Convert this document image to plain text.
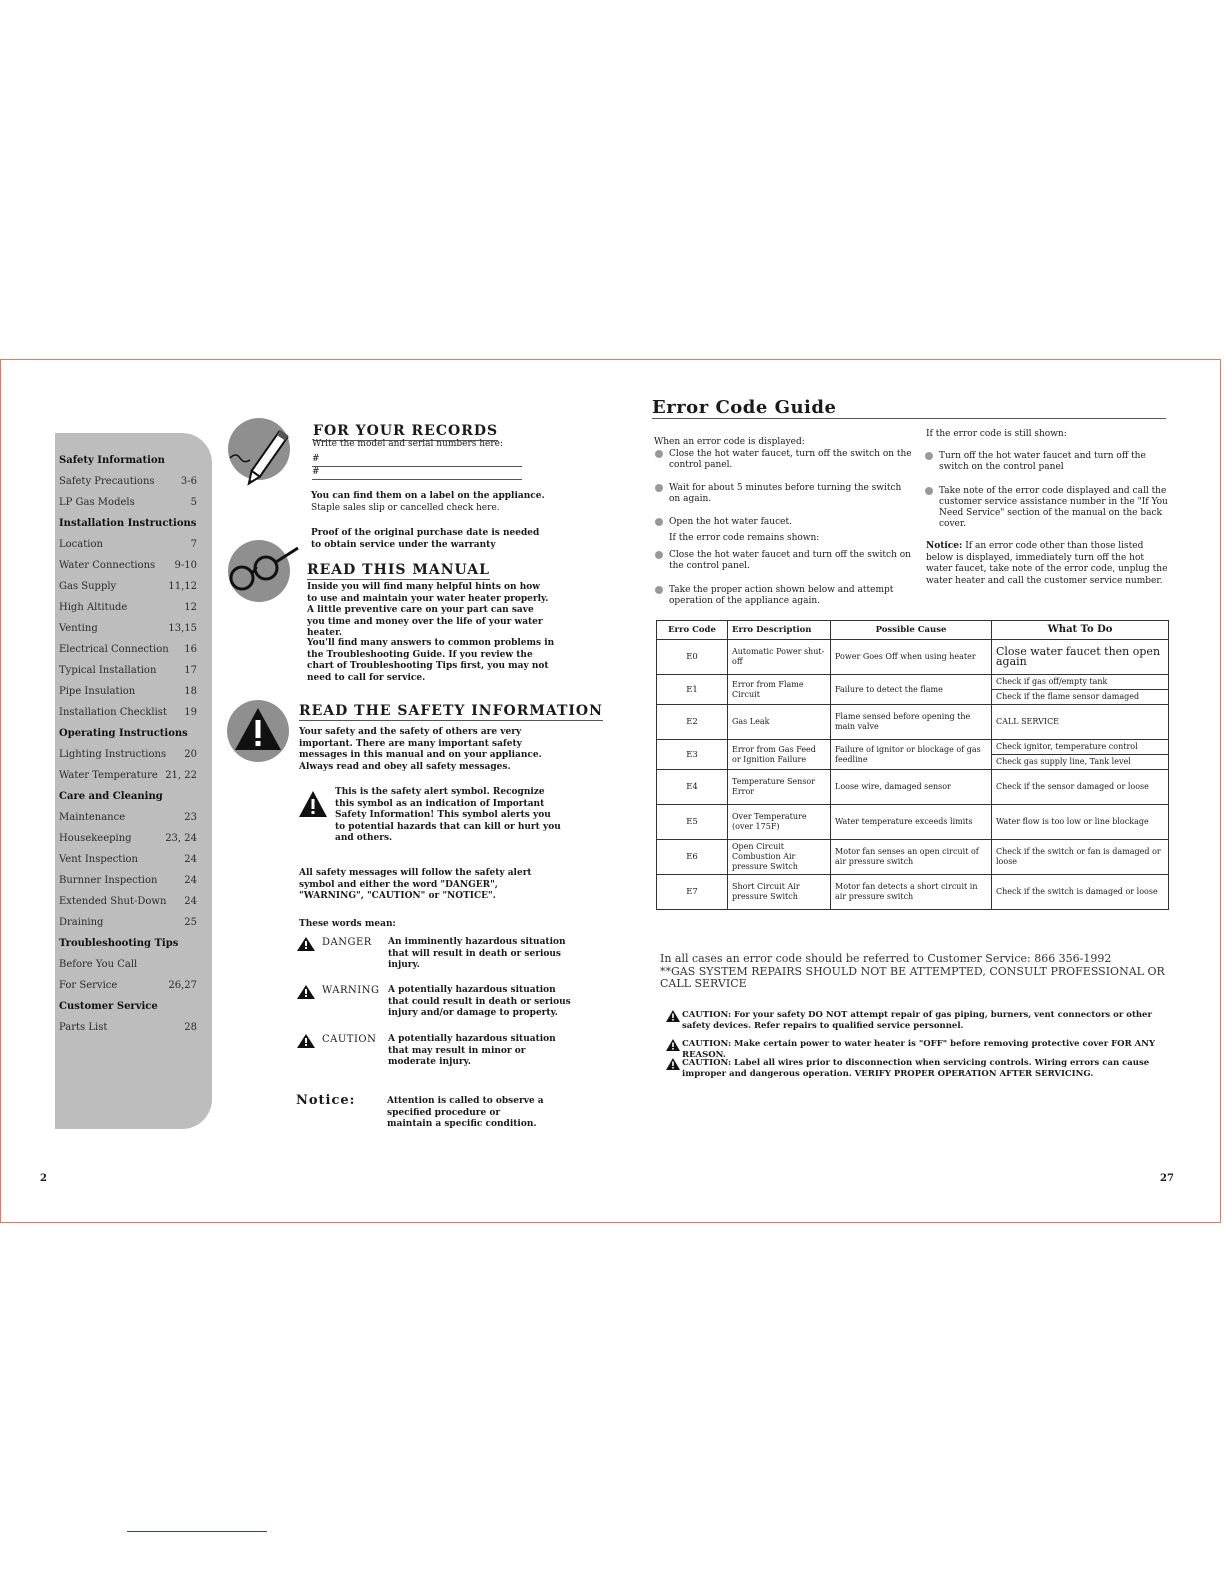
Safety Information
Safety Precautions	3-6
LP Gas Models	5
Installation Instructions
Location	7
Water Connections 9-10
Gas Supply	11,12
High Altitude	12
Venting	13,15
Electrical Connection 16
Typical Installation	17
Pipe Insulation	18
Installation Checklist 19
Operating Instructions
Lighting Instructions 20
Water Temperature 21, 22
Care and Cleaning
Maintenance	23
Housekeeping	23, 24
Vent Inspection	24
Burnner Inspection	24
Extended Shut-Down 24
Draining	25
Troubleshooting Tips
Before You Call
For Service	26,27
Customer Service
Parts List	28
FOR YOUR RECORDS

Write the model and serial numbers here:

#
#

You can find them on a label on the appliance.

Staple sales slip or cancelled check here.

Proof of the original purchase date is needed to obtain service under the warranty

READ THIS MANUAL

Inside you will find many helpful hints on how to use and maintain your water heater properly. A little preventive care on your part can save you time and money over the life of your water heater.

You'll find many answers to common problems in the Troubleshooting Guide. If you review the chart of Troubleshooting Tips first, you may not need to call for service.

READ THE SAFETY INFORMATION

Your safety and the safety of others are very important. There are many important safety messages in this manual and on your appliance. Always read and obey all safety messages.

This is the safety alert symbol. Recognize this symbol as an indication of Important Safety Information! This symbol alerts you to potential hazards that can kill or hurt you and others.

All safety messages will follow the safety alert symbol and either the word "DANGER", "WARNING", "CAUTION" or "NOTICE".

These words mean:

DANGER An imminently hazardous situation that will result in death or serious injury.
WARNING A potentially hazardous situation that could result in death or serious injury and/or damage to property.
CAUTION A potentially hazardous situation that may result in minor or moderate injury.
Notice:	Attention is called to observe a specified procedure or maintain a specific condition.

2
Error Code Guide

When an error code is displayed:

Close the hot water faucet, turn off the switch on the control panel.
Wait for about 5 minutes before turning the switch on again.
Open the hot water faucet.

If the error code remains shown:

Close the hot water faucet and turn off the switch on the control panel.
Take the proper action shown below and attempt operation of the appliance again.

If the error code is still shown:

Turn off the hot water faucet and turn off the switch on the control panel
Take note of the error code displayed and call the customer service assistance number in the "If You Need Service" section of the manual on the back cover.

Notice: If an error code other than those listed below is displayed, immediately turn off the hot water faucet, take note of the error code, unplug the water heater and call the customer service number.

Erro Code	Erro Description	Possible Cause	What To Do
E0	Automatic Power shut-off	Power Goes Off when using heater	Close water faucet then open again
E1	Error from Flame Circuit	Failure to detect the flame	Check if gas off/empty tank
			Check if the flame sensor damaged
E2	Gas Leak	Flame sensed before opening the main valve	CALL SERVICE
E3	Error from Gas Feed or Ignition Failure	Failure of ignitor or blockage of gas feedline	Check ignitor, temperature control
			Check gas supply line, Tank level
E4	Temperature Sensor Error	Loose wire, damaged sensor	Check if the sensor damaged or loose
E5	Over Temperature (over 175F)	Water temperature exceeds limits	Water flow is too low or line blockage
E6	Open Circuit Combustion Air pressure Switch	Motor fan senses an open circuit of air pressure switch	Check if the switch or fan is damaged or loose
E7	Short Circuit Air pressure Switch	Motor fan detects a short circuit in air pressure switch	Check if the switch is damaged or loose

In all cases an error code should be referred to Customer Service: 866 356-1992

**GAS SYSTEM REPAIRS SHOULD NOT BE ATTEMPTED, CONSULT PROFESSIONAL OR CALL SERVICE

CAUTION: For your safety DO NOT attempt repair of gas piping, burners, vent connectors or other safety devices. Refer repairs to qualified service personnel.
CAUTION: Make certain power to water heater is "OFF" before removing protective cover FOR ANY REASON.
CAUTION: Label all wires prior to disconnection when servicing controls. Wiring errors can cause improper and dangerous operation. VERIFY PROPER OPERATION AFTER SERVICING.
27
